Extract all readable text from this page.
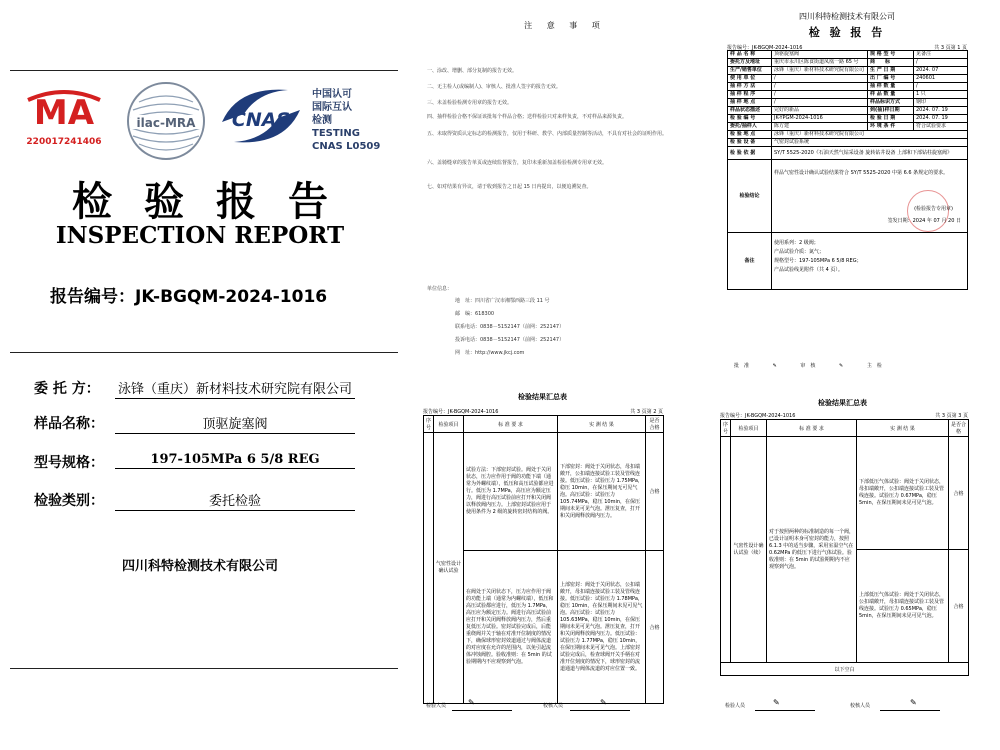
MA
220017241406
ilac-MRA CNAS
中国认可
国际互认
检测
TESTING
CNAS L0509
检验报告
INSPECTION REPORT
报告编号：JK-BGQM-2024-1016
委 托 方： 泳锋（重庆）新材料技术研究院有限公司
样品名称：	顶驱旋塞阀
型号规格：	197-105MPa 6 5/8 REG
检验类别：	委托检验
四川科特检测技术有限公司
注 意 事 项
一、涂改、增删、部分复制的报告无效。
二、无主检人(或编制人)、审核人、批准人签字的报告无效。
三、未盖检验检测专用章的报告无效。
四、抽样检验合格不保证该批每个样品合格；送样检验只对来样负责，不对样品来源负责。
五、未取得资质认定标志的检测报告，仅用于科研、教学、内部质量控制等活动，不具有对社会的证明作用。
六、盖骑缝章的报告单页或连续监督报告，复印未重新加盖检验检测专用章无效。
七、如对结果有异议，请于收到报告之日起 15 日内提出，以便追溯复查。
单位信息：
地　址：四川省广汉市湘鄂西路三段 11 号
邮　编：618300
联系电话：0838－5152147（前网：252147）
投诉电话：0838－5152147（前网：252147）
网　址：http://www.jkcj.com
四川科特检测技术有限公司
检 验 报 告
报告编号：JK-BGQM-2024-1016	共 3 页第 1 页
样 品 名 称	顶驱旋塞阀	规 格 型 号	见备注
委托方及地址	重庆市永川区陈食街道凤凰一路 65 号	商　　标	/
生产/销售单位	泳锋（重庆）新材料技术研究院有限公司	生 产 日 期	2024. 07
使 用 单 位	/	出 厂 编 号	240601
抽 样 方 法	/	抽 样 数 量	/
抽 样 程 序	/	样 品 数 量	1 只
抽 样 地 点	/	样品标识方式	钢印
样品状态描述	完好的新品	到(抽)样日期	2024. 07. 19
检 验 编 号	JK-YPGM-2024-1016	检 验 日 期	2024. 07. 19
委托/抽样人	陈方建	环 境 条 件	符合试验要求
检 验 地 点	泳锋（重庆）新材料技术研究院有限公司		
检 验 设 备	气密封试验系统		
检 验 依 据	SY/T 5525-2020《石油天然气钻采设备 旋转钻井设备 上部和下部钻柱旋塞阀》		
检验结论	样品气密性设计确认试验结果符合 SY/T 5525-2020 中第 6.6 条规定的要求。
(检验报告专用章)
签发日期：2024 年 07 月 20 日		

备注	使用系列：2 级阀；
产品试验介质：氮气；
规格型号：197-105MPa 6 5/8 REG；
产品试验线见附件（共 4 页）。		
批　准	✎	审　核	✎	主　检
检验结果汇总表
报告编号：JK-BGQM-2024-1016	共 3 页第 2 页
序号	检验项目	标 准 要 求	实 测 结 果	是否合格
	气密性设计确认试验	试验方法：下部密封试验。阀处于关闭状态，压力应作用于阀的功能下端（通常为外螺纹端），低压和高压试验都应进行。低压为 1.7MPa，高压应为额定压力，阀进行高压试验前应打开和关闭阀以释放阀内压力。上部密封试验应用于使用条件为 2 级的旋转密封结构的阀。	下部密封：阀处于关闭状态，母扣端敞开，公扣端连接试验工装及管线连接。低压试验：试验压力 1.75MPa，稳压 10min，在保压期间无可见气泡。高压试验：试验压力 105.74MPa，稳压 10min，在保压期间未见可见气泡。泄压复查，打开和关闭阀释放阀内压力。	合格
		在阀处于关闭状态下，压力应作用于阀的功能上端（通常为内螺纹端），低压和高压试验都应进行，低压为 1.7MPa，高压应为额定压力。阀进行高压试验前应打开和关闭阀释放阀内压力，然后重复低压力试验。密封试验完成后，后能重绕阀并关于轴在对准开位制度的情况下，确保球形密封效道通过与阀体流道的对应度在允许的范围内，以免引起流体冲蚀阀腔。验收准则：在 5min 的试验期期内不应观察到气泡。	上部密封：阀处于关闭状态，公扣端敞开，母扣端连接试验工装及管线连接。低压试验：试验压力 1.78MPa，稳压 10min，在保压期间未见可见气泡。高压试验：试验压力 105.63MPa，稳压 10min，在保压期间未见可见气泡。泄压复查，打开和关闭阀释放阀内压力。低压试验：试验压力 1.77MPa，稳压 10min，在保压期间未见可见气泡。上部密封试验完成后，检查球阀开关手柄在对准开位刻度的情况下，球形密封的流道通道与阀体流道的对应位置一致。	合格
检验人员	✎	校核人员	✎
检验结果汇总表
报告编号：JK-BGQM-2024-1016	共 3 页第 3 页
序号	检验项目	标 准 要 求	实 测 结 果	是否合格
	气密性设计确认试验（续）	对于按照两种的标准制造的每一个阀，已设计证明本身可密封的能力，按照 6.1.3 中的适当步骤，采用室温空气在 0.62MPa 的低压下进行气体试验。验收准则：在 5min 的试验期期内不应观察到气泡。	下部低压气体试验：阀处于关闭状态，母扣端敞开，公扣端连接试验工装及管线连接。试验压力 0.67MPa，稳压 5min，在保压期间未见可见气泡。	合格
			上部低压气体试验：阀处于关闭状态，公扣端敞开，母扣端连接试验工装及管线连接。试验压力 0.65MPa，稳压 5min，在保压期间未见可见气泡。	合格
以下空白				
检验人员	✎	校核人员	✎
